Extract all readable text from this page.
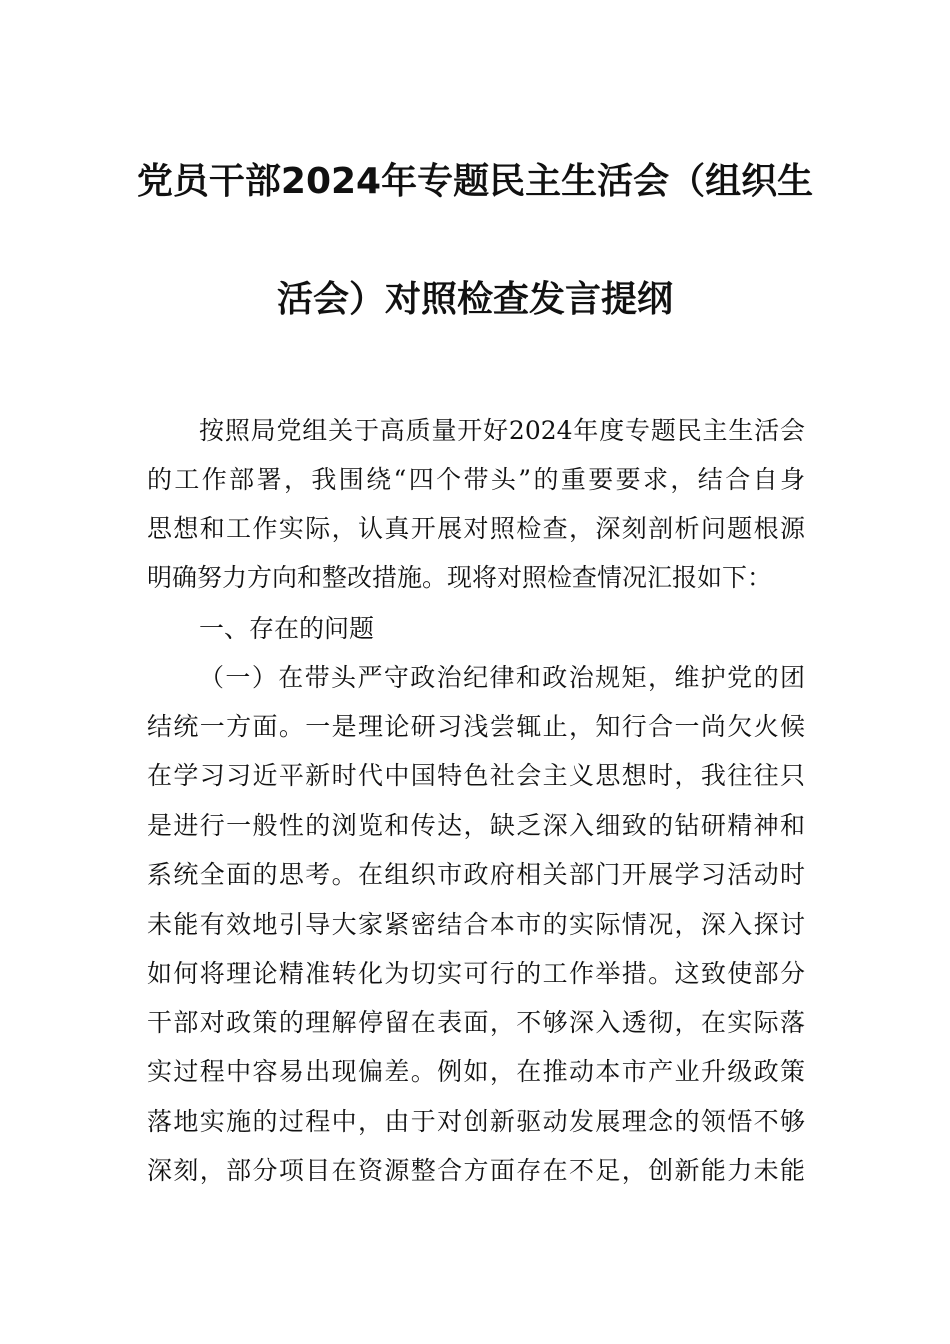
党员干部2024年专题民主生活会（组织生
活会）对照检查发言提纲
按照局党组关于高质量开好2024年度专题民主生活会
的工作部署，我围绕“四个带头”的重要要求，结合自身
思想和工作实际，认真开展对照检查，深刻剖析问题根源
明确努力方向和整改措施。现将对照检查情况汇报如下：
一、存在的问题
（一）在带头严守政治纪律和政治规矩，维护党的团
结统一方面。一是理论研习浅尝辄止，知行合一尚欠火候
在学习习近平新时代中国特色社会主义思想时，我往往只
是进行一般性的浏览和传达，缺乏深入细致的钻研精神和
系统全面的思考。在组织市政府相关部门开展学习活动时
未能有效地引导大家紧密结合本市的实际情况，深入探讨
如何将理论精准转化为切实可行的工作举措。这致使部分
干部对政策的理解停留在表面，不够深入透彻，在实际落
实过程中容易出现偏差。例如，在推动本市产业升级政策
落地实施的过程中，由于对创新驱动发展理念的领悟不够
深刻，部分项目在资源整合方面存在不足，创新能力未能
